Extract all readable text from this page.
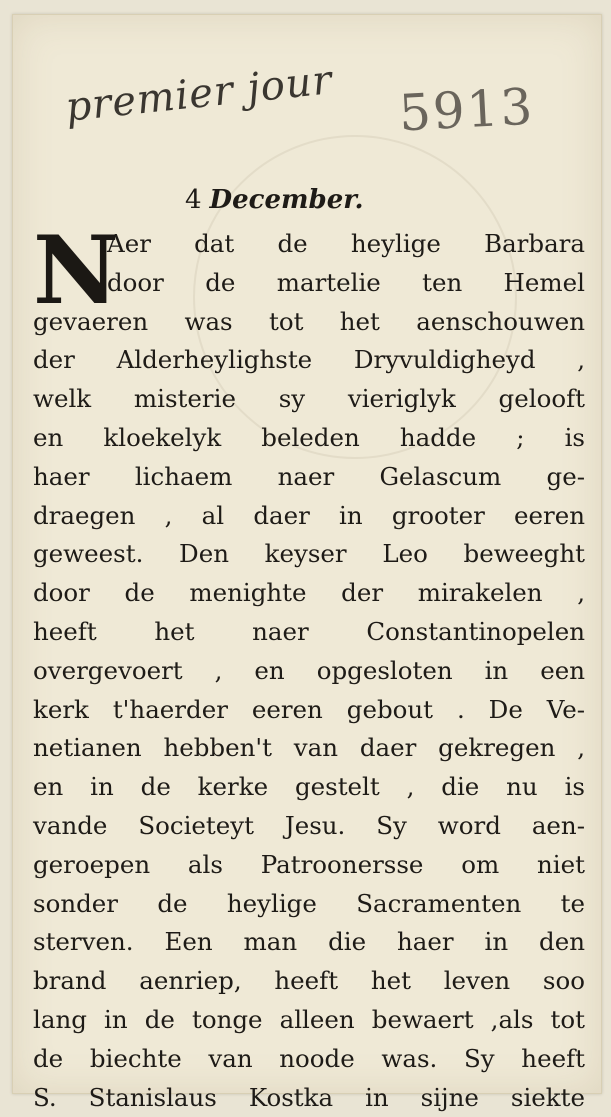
premier jour 5913
4 December.
N
Aer dat de heylige Barbara
door de martelie ten Hemel
gevaeren was tot het aenschouwen
der Alderheylighste Dryvuldigheyd ,
welk misterie sy vieriglyk gelooft
en kloekelyk beleden hadde ; is
haer lichaem naer Gelascum ge-
draegen , al daer in grooter eeren
geweest. Den keyser Leo beweeght
door de menighte der mirakelen ,
heeft het naer Constantinopelen
overgevoert , en opgesloten in een
kerk t'haerder eeren gebout . De Ve-
netianen hebben't van daer gekregen ,
en in de kerke gestelt , die nu is
vande Societeyt Jesu. Sy word aen-
geroepen als Patroonersse om niet
sonder de heylige Sacramenten te
sterven. Een man die haer in den
brand aenriep, heeft het leven soo
lang in de tonge alleen bewaert ,als tot
de biechte van noode was. Sy heeft
S. Stanislaus Kostka in sijne siekte
